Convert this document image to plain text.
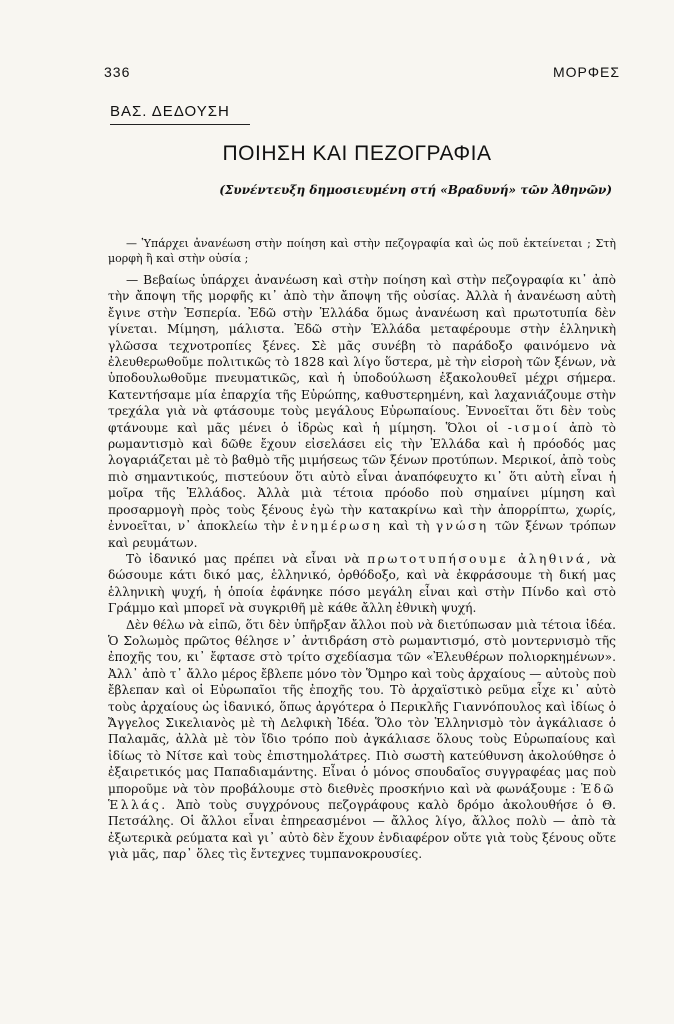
336	ΜΟΡΦΕΣ
ΒΑΣ. ΔΕΔΟΥΣΗ
ΠΟΙΗΣΗ ΚΑΙ ΠΕΖΟΓΡΑΦΙΑ
(Συνέντευξη δημοσιευμένη στή «Βραδυνή» τῶν Ἀθηνῶν)

— Ὑπάρχει ἀνανέωση στὴν ποίηση καὶ στὴν πεζογραφία καὶ ὡς ποῦ ἐκτείνεται ; Στὴ μορφὴ ἢ καὶ στὴν οὐσία ;

— Βεβαίως ὑπάρχει ἀνανέωση καὶ στὴν ποίηση καὶ στὴν πεζογραφία κι᾽ ἀπὸ τὴν ἄποψη τῆς μορφῆς κι᾽ ἀπὸ τὴν ἄποψη τῆς οὐσίας. Ἀλλὰ ἡ ἀνανέωση αὐτὴ ἔγινε στὴν Ἑσπερία. Ἐδῶ στὴν Ἑλλάδα ὅμως ἀνανέωση καὶ πρωτοτυπία δὲν γίνεται. Μίμηση, μάλιστα. Ἐδῶ στὴν Ἑλλάδα μεταφέρουμε στὴν ἑλληνικὴ γλῶσσα τεχνοτροπίες ξένες. Σὲ μᾶς συνέβη τὸ παράδοξο φαινόμενο νὰ ἐλευθερωθοῦμε πολιτικῶς τὸ 1828 καὶ λίγο ὕστερα, μὲ τὴν εἰσροὴ τῶν ξένων, νὰ ὑποδουλωθοῦμε πνευματικῶς, καὶ ἡ ὑποδούλωση ἐξακολουθεῖ μέχρι σήμερα. Κατεντήσαμε μία ἐπαρχία τῆς Εὐρώπης, καθυστερημένη, καὶ λαχανιάζουμε στὴν τρεχάλα γιὰ νὰ φτάσουμε τοὺς μεγάλους Εὐρωπαίους. Ἐννοεῖται ὅτι δὲν τοὺς φτάνουμε καὶ μᾶς μένει ὁ ἱδρὼς καὶ ἡ μίμηση. Ὅλοι οἱ -ισμοί ἀπὸ τὸ ρωμαντισμὸ καὶ δῶθε ἔχουν εἰσελάσει εἰς τὴν Ἑλλάδα καὶ ἡ πρόοδός μας λογαριάζεται μὲ τὸ βαθμὸ τῆς μιμήσεως τῶν ξένων προτύπων. Μερικοί, ἀπὸ τοὺς πιὸ σημαντικούς, πιστεύουν ὅτι αὐτὸ εἶναι ἀναπόφευχτο κι᾽ ὅτι αὐτὴ εἶναι ἡ μοῖρα τῆς Ἑλλάδος. Ἀλλὰ μιὰ τέτοια πρόοδο ποὺ σημαίνει μίμηση καὶ προσαρμογὴ πρὸς τοὺς ξένους ἐγὼ τὴν κατακρίνω καὶ τὴν ἀπορρίπτω, χωρίς, ἐννοεῖται, ν᾽ ἀποκλείω τὴν ἐνημέρωση καὶ τὴ γνώση τῶν ξένων τρόπων καὶ ρευμάτων.

Τὸ ἰδανικό μας πρέπει νὰ εἶναι νὰ πρωτοτυπήσουμε ἀληθινά, νὰ δώσουμε κάτι δικό μας, ἑλληνικό, ὀρθόδοξο, καὶ νὰ ἐκφράσουμε τὴ δική μας ἑλληνικὴ ψυχή, ἡ ὁποία ἐφάνηκε πόσο μεγάλη εἶναι καὶ στὴν Πίνδο καὶ στὸ Γράμμο καὶ μπορεῖ νὰ συγκριθῆ μὲ κάθε ἄλλη ἐθνικὴ ψυχή.

Δὲν θέλω νὰ εἰπῶ, ὅτι δὲν ὑπῆρξαν ἄλλοι ποὺ νὰ διετύπωσαν μιὰ τέτοια ἰδέα. Ὁ Σολωμὸς πρῶτος θέλησε ν᾽ ἀντιδράση στὸ ρωμαντισμό, στὸ μοντερνισμὸ τῆς ἐποχῆς του, κι᾽ ἔφτασε στὸ τρίτο σχεδίασμα τῶν «Ἐλευθέρων πολιορκημένων». Ἀλλ᾽ ἀπὸ τ᾽ ἄλλο μέρος ἔβλεπε μόνο τὸν Ὅμηρο καὶ τοὺς ἀρχαίους — αὐτοὺς ποὺ ἔβλεπαν καὶ οἱ Εὐρωπαῖοι τῆς ἐποχῆς του. Τὸ ἀρχαϊστικὸ ρεῦμα εἶχε κι᾽ αὐτὸ τοὺς ἀρχαίους ὡς ἰδανικό, ὅπως ἀργότερα ὁ Περικλῆς Γιαννόπουλος καὶ ἰδίως ὁ Ἄγγελος Σικελιανὸς μὲ τὴ Δελφικὴ Ἰδέα. Ὅλο τὸν Ἑλληνισμὸ τὸν ἀγκάλιασε ὁ Παλαμᾶς, ἀλλὰ μὲ τὸν ἴδιο τρόπο ποὺ ἀγκάλιασε ὅλους τοὺς Εὐρωπαίους καὶ ἰδίως τὸ Νίτσε καὶ τοὺς ἐπιστημολάτρες. Πιὸ σωστὴ κατεύθυνση ἀκολούθησε ὁ ἐξαιρετικός μας Παπαδιαμάντης. Εἶναι ὁ μόνος σπουδαῖος συγγραφέας μας ποὺ μποροῦμε νὰ τὸν προβάλουμε στὸ διεθνὲς προσκήνιο καὶ νὰ φωνάξουμε : Ἐδῶ Ἑλλάς. Ἀπὸ τοὺς συγχρόνους πεζογράφους καλὸ δρόμο ἀκολουθήσε ὁ Θ. Πετσάλης. Οἱ ἄλλοι εἶναι ἐπηρεασμένοι — ἄλλος λίγο, ἄλλος πολὺ — ἀπὸ τὰ ἐξωτερικὰ ρεύματα καὶ γι᾽ αὐτὸ δὲν ἔχουν ἐνδιαφέρον οὔτε γιὰ τοὺς ξένους οὔτε γιὰ μᾶς, παρ᾽ ὅλες τὶς ἔντεχνες τυμπανοκρουσίες.
